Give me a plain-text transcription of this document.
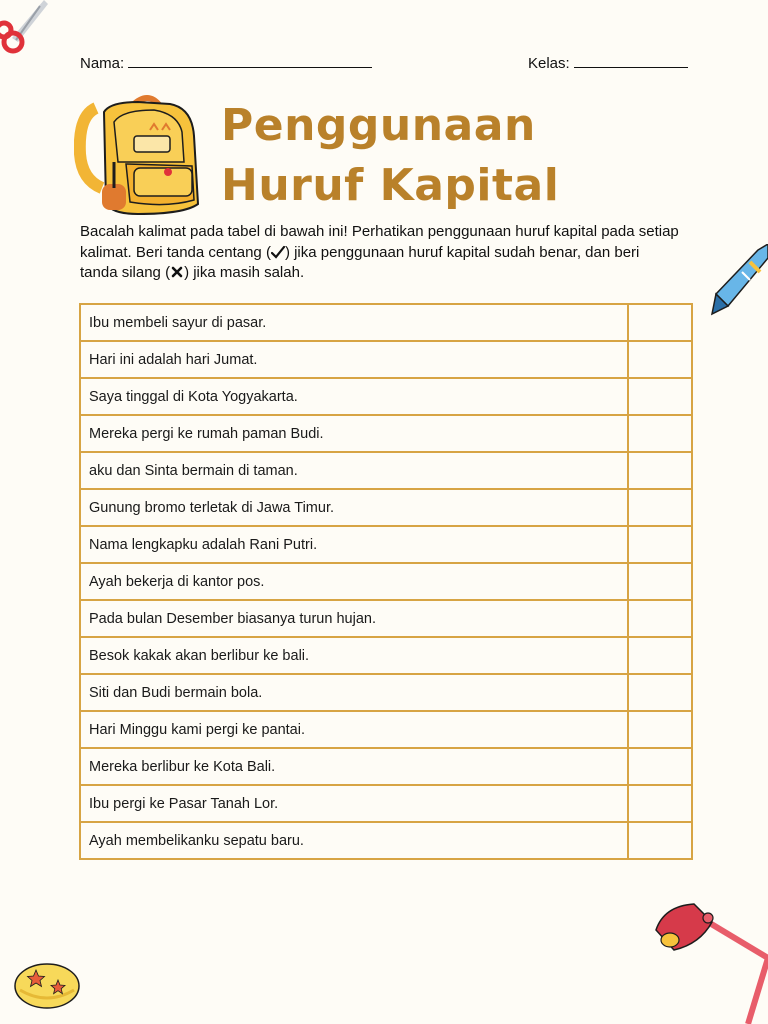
Nama:	Kelas:
Penggunaan
Huruf Kapital
Bacalah kalimat pada tabel di bawah ini! Perhatikan penggunaan huruf kapital pada setiap kalimat. Beri tanda centang ( ) jika penggunaan huruf kapital sudah benar, dan beri tanda silang ( ) jika masih salah.
Ibu membeli sayur di pasar.	
Hari ini adalah hari Jumat.	
Saya tinggal di Kota Yogyakarta.	
Mereka pergi ke rumah paman Budi.	
aku dan Sinta bermain di taman.	
Gunung bromo terletak di Jawa Timur.	
Nama lengkapku adalah Rani Putri.	
Ayah bekerja di kantor pos.	
Pada bulan Desember biasanya turun hujan.	
Besok kakak akan berlibur ke bali.	
Siti dan Budi bermain bola.	
Hari Minggu kami pergi ke pantai.	
Mereka berlibur ke Kota Bali.	
Ibu pergi ke Pasar Tanah Lor.	
Ayah membelikanku sepatu baru.	
